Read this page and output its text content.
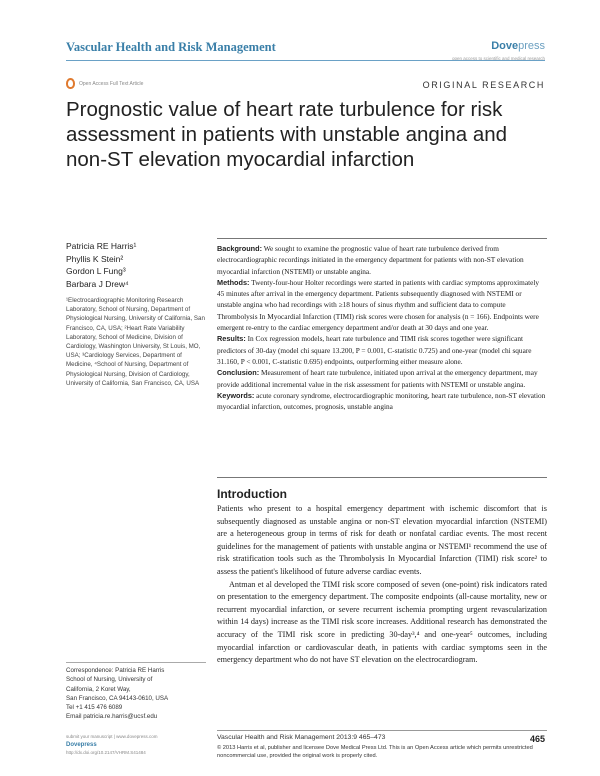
Vascular Health and Risk Management	Dovepress
open access to scientific and medical research
Open Access Full Text Article	ORIGINAL RESEARCH
Prognostic value of heart rate turbulence for risk assessment in patients with unstable angina and non-ST elevation myocardial infarction
Patricia RE Harris¹
Phyllis K Stein²
Gordon L Fung³
Barbara J Drew⁴
¹Electrocardiographic Monitoring Research Laboratory, School of Nursing, Department of Physiological Nursing, University of California, San Francisco, CA, USA; ²Heart Rate Variability Laboratory, School of Medicine, Division of Cardiology, Washington University, St Louis, MO, USA; ³Cardiology Services, Department of Medicine, ⁴School of Nursing, Department of Physiological Nursing, Division of Cardiology, University of California, San Francisco, CA, USA

Background: We sought to examine the prognostic value of heart rate turbulence derived from electrocardiographic recordings initiated in the emergency department for patients with non-ST elevation myocardial infarction (NSTEMI) or unstable angina.

Methods: Twenty-four-hour Holter recordings were started in patients with cardiac symptoms approximately 45 minutes after arrival in the emergency department. Patients subsequently diagnosed with NSTEMI or unstable angina who had recordings with ≥18 hours of sinus rhythm and sufficient data to compute Thrombolysis In Myocardial Infarction (TIMI) risk scores were chosen for analysis (n = 166). Endpoints were emergent re-entry to the cardiac emergency department and/or death at 30 days and one year.

Results: In Cox regression models, heart rate turbulence and TIMI risk scores together were significant predictors of 30-day (model chi square 13.200, P = 0.001, C-statistic 0.725) and one-year (model chi square 31.160, P < 0.001, C-statistic 0.695) endpoints, outperforming either measure alone.

Conclusion: Measurement of heart rate turbulence, initiated upon arrival at the emergency department, may provide additional incremental value in the risk assessment for patients with NSTEMI or unstable angina.

Keywords: acute coronary syndrome, electrocardiographic monitoring, heart rate turbulence, non-ST elevation myocardial infarction, outcomes, prognosis, unstable angina

Introduction

Patients who present to a hospital emergency department with ischemic discomfort that is subsequently diagnosed as unstable angina or non-ST elevation myocardial infarction (NSTEMI) are a heterogeneous group in terms of risk for death or nonfatal cardiac events. The most recent guidelines for the management of patients with unstable angina or NSTEMI¹ recommend the use of risk stratification tools such as the Thrombolysis In Myocardial Infarction (TIMI) risk score² to assess the patient's likelihood of future adverse cardiac events.

Antman et al developed the TIMI risk score composed of seven (one-point) risk indicators rated on presentation to the emergency department. The composite endpoints (all-cause mortality, new or recurrent myocardial infarction, or severe recurrent ischemia prompting urgent revascularization within 14 days) increase as the TIMI risk score increases. Additional research has demonstrated the accuracy of the TIMI risk score in predicting 30-day³,⁴ and one-year⁵ outcomes, including myocardial infarction or cardiovascular death, in patients with cardiac symptoms seen in the emergency department who do not have ST elevation on the electrocardiogram.

Correspondence: Patricia RE Harris
School of Nursing, University of
California, 2 Koret Way,
San Francisco, CA 94143-0610, USA
Tel +1 415 476 6089
Email patricia.re.harris@ucsf.edu
submit your manuscript | www.dovepress.com
Dovepress
http://dx.doi.org/10.2147/VHRM.S41484
Vascular Health and Risk Management 2013:9 465–473	465
© 2013 Harris et al, publisher and licensee Dove Medical Press Ltd. This is an Open Access article which permits unrestricted noncommercial use, provided the original work is properly cited.
